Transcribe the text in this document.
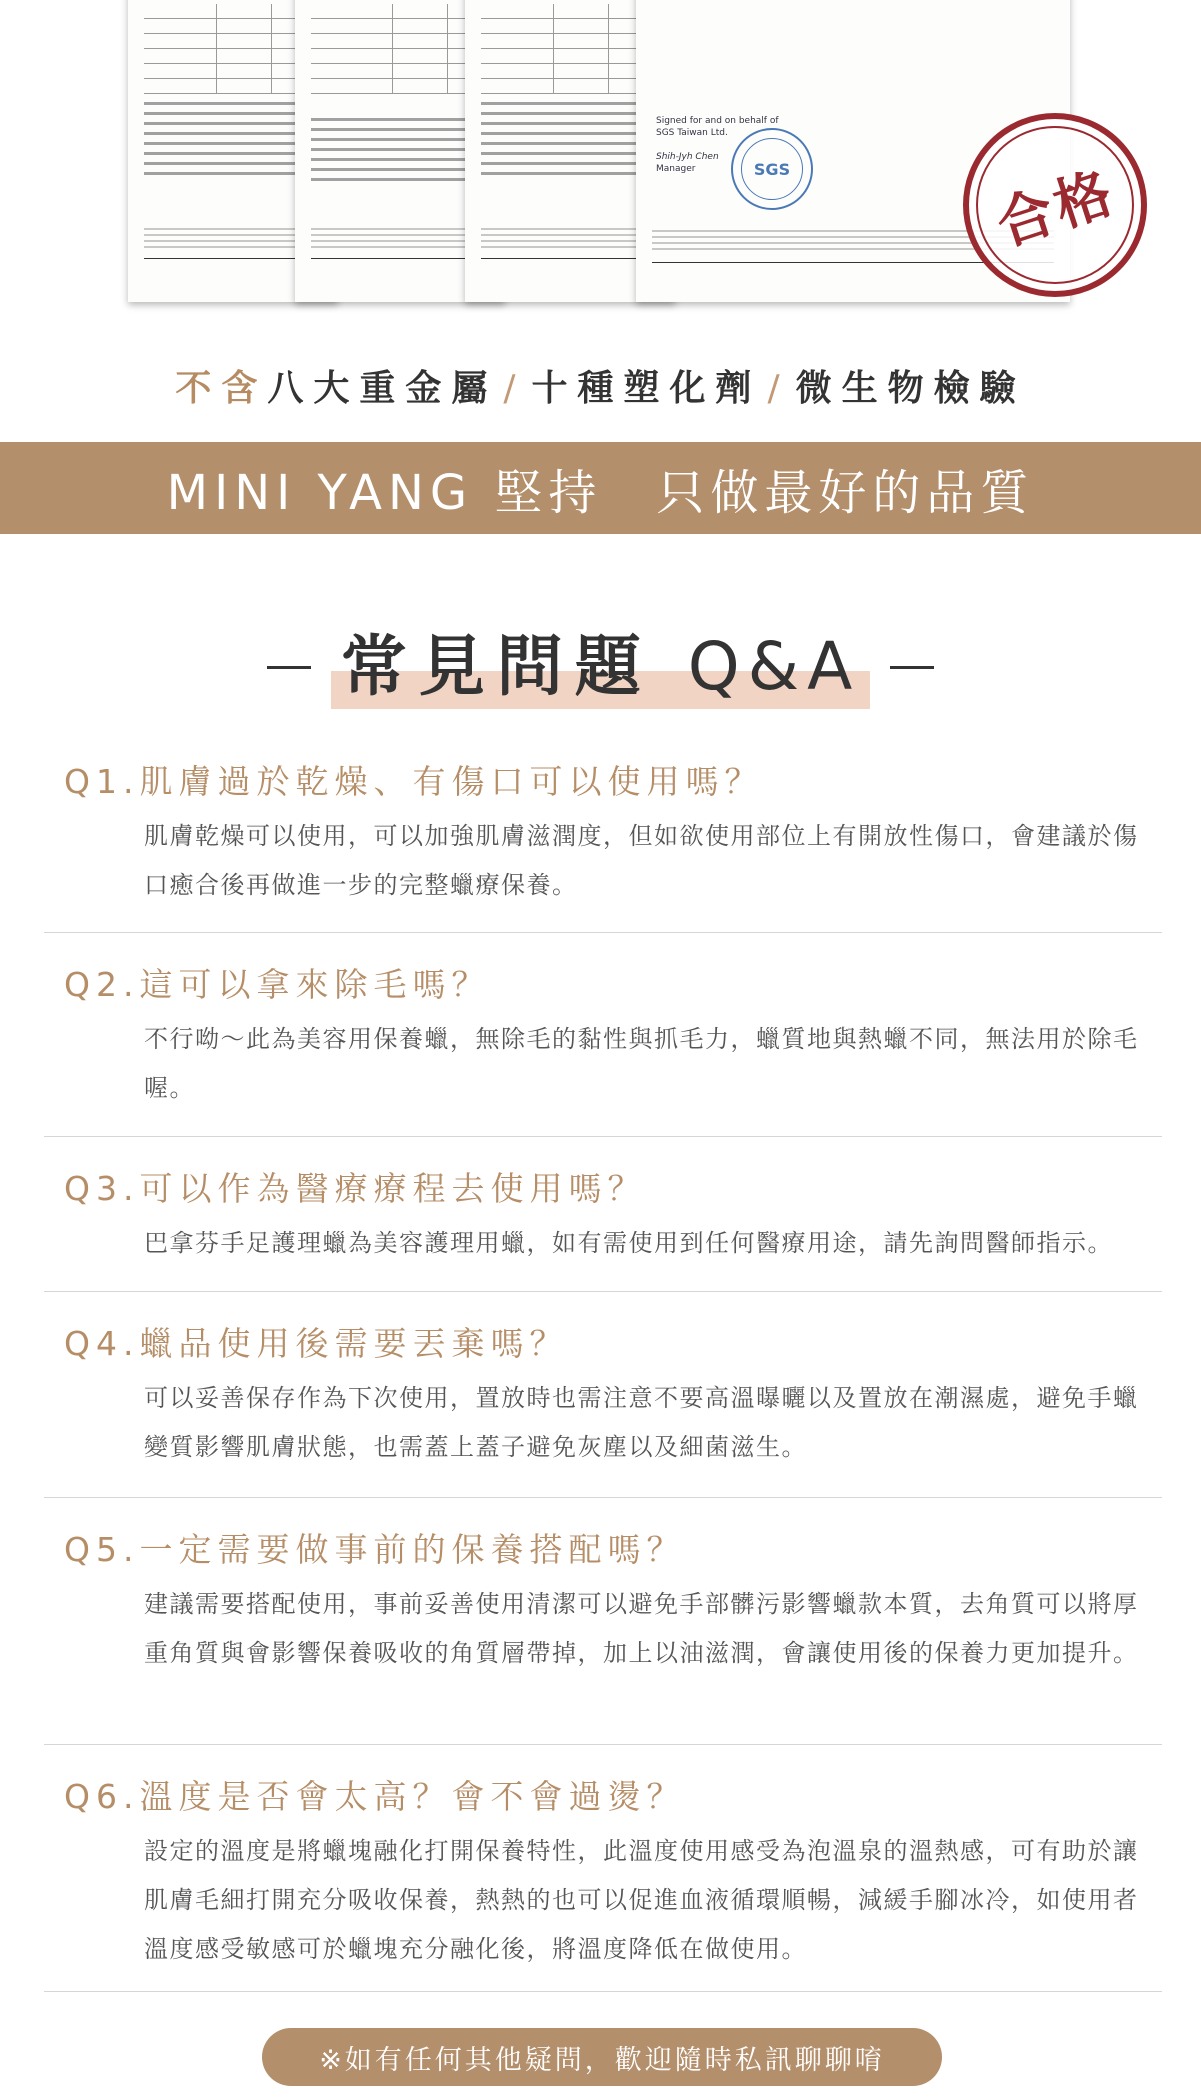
Signed for and on behalf of
SGS Taiwan Ltd.
Shih-Jyh Chen
Manager	SGS	合格
不含八大重金屬 / 十種塑化劑 / 微生物檢驗
MINI YANG 堅持　只做最好的品質
常見問題 Q&A
Q1.肌膚過於乾燥、有傷口可以使用嗎？
肌膚乾燥可以使用，可以加強肌膚滋潤度，但如欲使用部位上有開放性傷口，會建議於傷口癒合後再做進一步的完整蠟療保養。
Q2.這可以拿來除毛嗎？
不行呦～此為美容用保養蠟，無除毛的黏性與抓毛力，蠟質地與熱蠟不同，無法用於除毛喔。
Q3.可以作為醫療療程去使用嗎？
巴拿芬手足護理蠟為美容護理用蠟，如有需使用到任何醫療用途，請先詢問醫師指示。
Q4.蠟品使用後需要丟棄嗎？
可以妥善保存作為下次使用，置放時也需注意不要高溫曝曬以及置放在潮濕處，避免手蠟變質影響肌膚狀態，也需蓋上蓋子避免灰塵以及細菌滋生。
Q5.一定需要做事前的保養搭配嗎？
建議需要搭配使用，事前妥善使用清潔可以避免手部髒污影響蠟款本質，去角質可以將厚重角質與會影響保養吸收的角質層帶掉，加上以油滋潤，會讓使用後的保養力更加提升。
Q6.溫度是否會太高？會不會過燙？
設定的溫度是將蠟塊融化打開保養特性，此溫度使用感受為泡溫泉的溫熱感，可有助於讓肌膚毛細打開充分吸收保養，熱熱的也可以促進血液循環順暢，減緩手腳冰冷，如使用者溫度感受敏感可於蠟塊充分融化後，將溫度降低在做使用。
※如有任何其他疑問，歡迎隨時私訊聊聊唷
